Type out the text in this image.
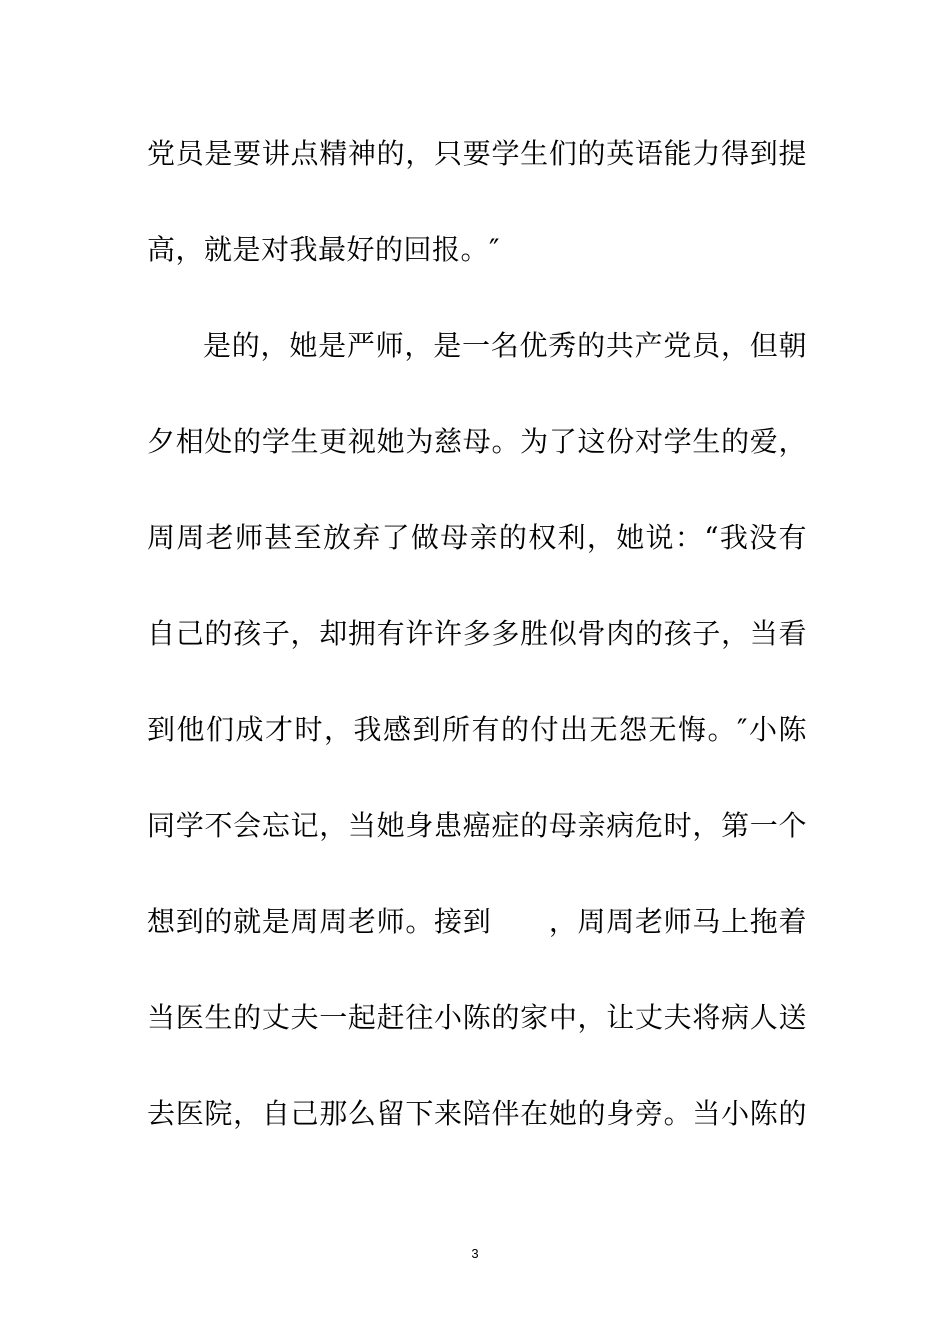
党员是要讲点精神的，只要学生们的英语能力得到提
高，就是对我最好的回报。″
是的，她是严师，是一名优秀的共产党员，但朝
夕相处的学生更视她为慈母。为了这份对学生的爱，
周周老师甚至放弃了做母亲的权利，她说：“我没有
自己的孩子，却拥有许许多多胜似骨肉的孩子，当看
到他们成才时，我感到所有的付出无怨无悔。″小陈
同学不会忘记，当她身患癌症的母亲病危时，第一个
想到的就是周周老师。接到　　，周周老师马上拖着
当医生的丈夫一起赶往小陈的家中，让丈夫将病人送
去医院，自己那么留下来陪伴在她的身旁。当小陈的
3
